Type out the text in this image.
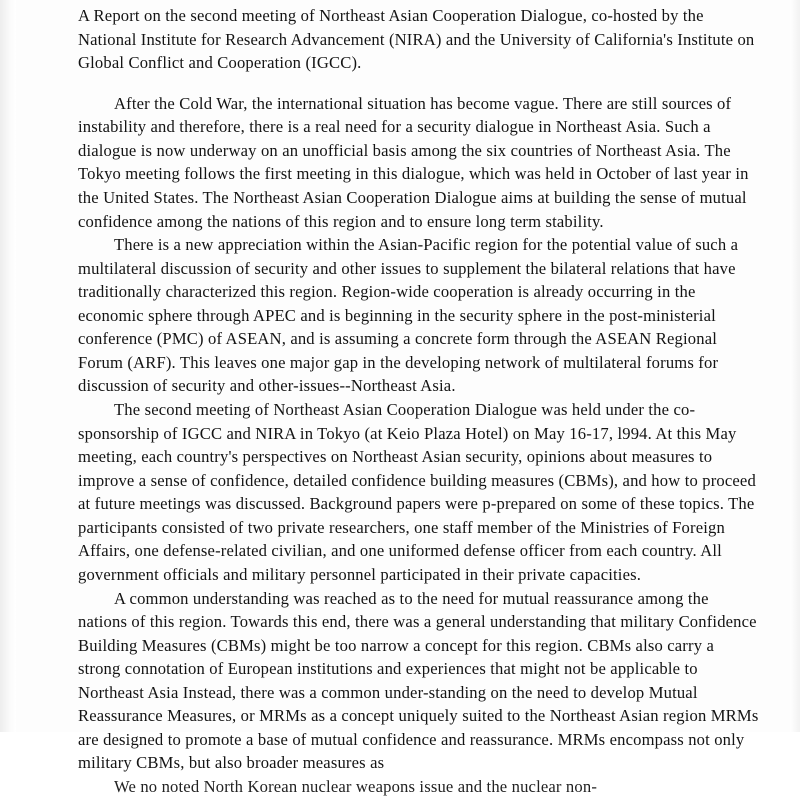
A Report on the second meeting of Northeast Asian Cooperation Dialogue, co-hosted by the National Institute for Research Advancement (NIRA) and the University of California's Institute on Global Conflict and Cooperation (IGCC).

After the Cold War, the international situation has become vague. There are still sources of instability and therefore, there is a real need for a security dialogue in Northeast Asia. Such a dialogue is now underway on an unofficial basis among the six countries of Northeast Asia. The Tokyo meeting follows the first meeting in this dialogue, which was held in October of last year in the United States. The Northeast Asian Cooperation Dialogue aims at building the sense of mutual confidence among the nations of this region and to ensure long term stability.

There is a new appreciation within the Asian-Pacific region for the potential value of such a multilateral discussion of security and other issues to supplement the bilateral relations that have traditionally characterized this region. Region-wide cooperation is already occurring in the economic sphere through APEC and is beginning in the security sphere in the post-ministerial conference (PMC) of ASEAN, and is assuming a concrete form through the ASEAN Regional Forum (ARF). This leaves one major gap in the developing network of multilateral forums for discussion of security and other-issues--Northeast Asia.

The second meeting of Northeast Asian Cooperation Dialogue was held under the co-sponsorship of IGCC and NIRA in Tokyo (at Keio Plaza Hotel) on May 16-17, l994. At this May meeting, each country's perspectives on Northeast Asian security, opinions about measures to improve a sense of confidence, detailed confidence building measures (CBMs), and how to proceed at future meetings was discussed. Background papers were p-prepared on some of these topics. The participants consisted of two private researchers, one staff member of the Ministries of Foreign Affairs, one defense-related civilian, and one uniformed defense officer from each country. All government officials and military personnel participated in their private capacities.

A common understanding was reached as to the need for mutual reassurance among the nations of this region. Towards this end, there was a general understanding that military Confidence Building Measures (CBMs) might be too narrow a concept for this region. CBMs also carry a strong connotation of European institutions and experiences that might not be applicable to Northeast Asia Instead, there was a common under-standing on the need to develop Mutual Reassurance Measures, or MRMs as a concept uniquely suited to the Northeast Asian region MRMs are designed to promote a base of mutual confidence and reassurance. MRMs encompass not only military CBMs, but also broader measures as

We no noted North Korean nuclear weapons issue and the nuclear non-
